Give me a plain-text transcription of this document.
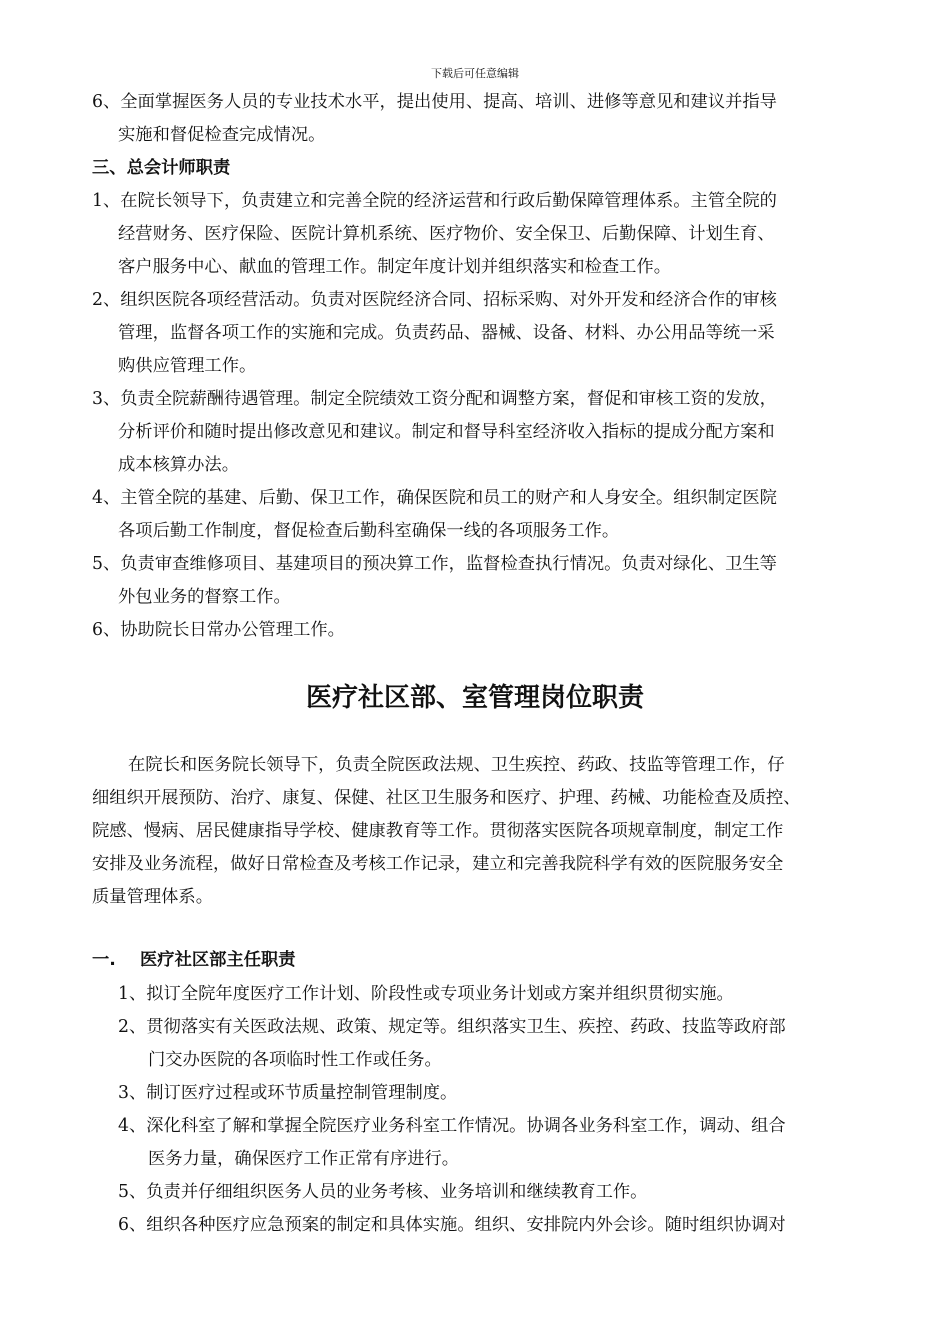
下载后可任意编辑
6、全面掌握医务人员的专业技术水平，提出使用、提高、培训、进修等意见和建议并指导
实施和督促检查完成情况。
三、总会计师职责
1、在院长领导下，负责建立和完善全院的经济运营和行政后勤保障管理体系。主管全院的
经营财务、医疗保险、医院计算机系统、医疗物价、安全保卫、后勤保障、计划生育、
客户服务中心、献血的管理工作。制定年度计划并组织落实和检查工作。
2、组织医院各项经营活动。负责对医院经济合同、招标采购、对外开发和经济合作的审核
管理，监督各项工作的实施和完成。负责药品、器械、设备、材料、办公用品等统一采
购供应管理工作。
3、负责全院薪酬待遇管理。制定全院绩效工资分配和调整方案，督促和审核工资的发放，
分析评价和随时提出修改意见和建议。制定和督导科室经济收入指标的提成分配方案和
成本核算办法。
4、主管全院的基建、后勤、保卫工作，确保医院和员工的财产和人身安全。组织制定医院
各项后勤工作制度，督促检查后勤科室确保一线的各项服务工作。
5、负责审查维修项目、基建项目的预决算工作，监督检查执行情况。负责对绿化、卫生等
外包业务的督察工作。
6、协助院长日常办公管理工作。
医疗社区部、室管理岗位职责
在院长和医务院长领导下，负责全院医政法规、卫生疾控、药政、技监等管理工作，仔
细组织开展预防、治疗、康复、保健、社区卫生服务和医疗、护理、药械、功能检查及质控、
院感、慢病、居民健康指导学校、健康教育等工作。贯彻落实医院各项规章制度，制定工作
安排及业务流程，做好日常检查及考核工作记录，建立和完善我院科学有效的医院服务安全
质量管理体系。
一. 医疗社区部主任职责
1、拟订全院年度医疗工作计划、阶段性或专项业务计划或方案并组织贯彻实施。
2、贯彻落实有关医政法规、政策、规定等。组织落实卫生、疾控、药政、技监等政府部
门交办医院的各项临时性工作或任务。
3、制订医疗过程或环节质量控制管理制度。
4、深化科室了解和掌握全院医疗业务科室工作情况。协调各业务科室工作，调动、组合
医务力量，确保医疗工作正常有序进行。
5、负责并仔细组织医务人员的业务考核、业务培训和继续教育工作。
6、组织各种医疗应急预案的制定和具体实施。组织、安排院内外会诊。随时组织协调对
